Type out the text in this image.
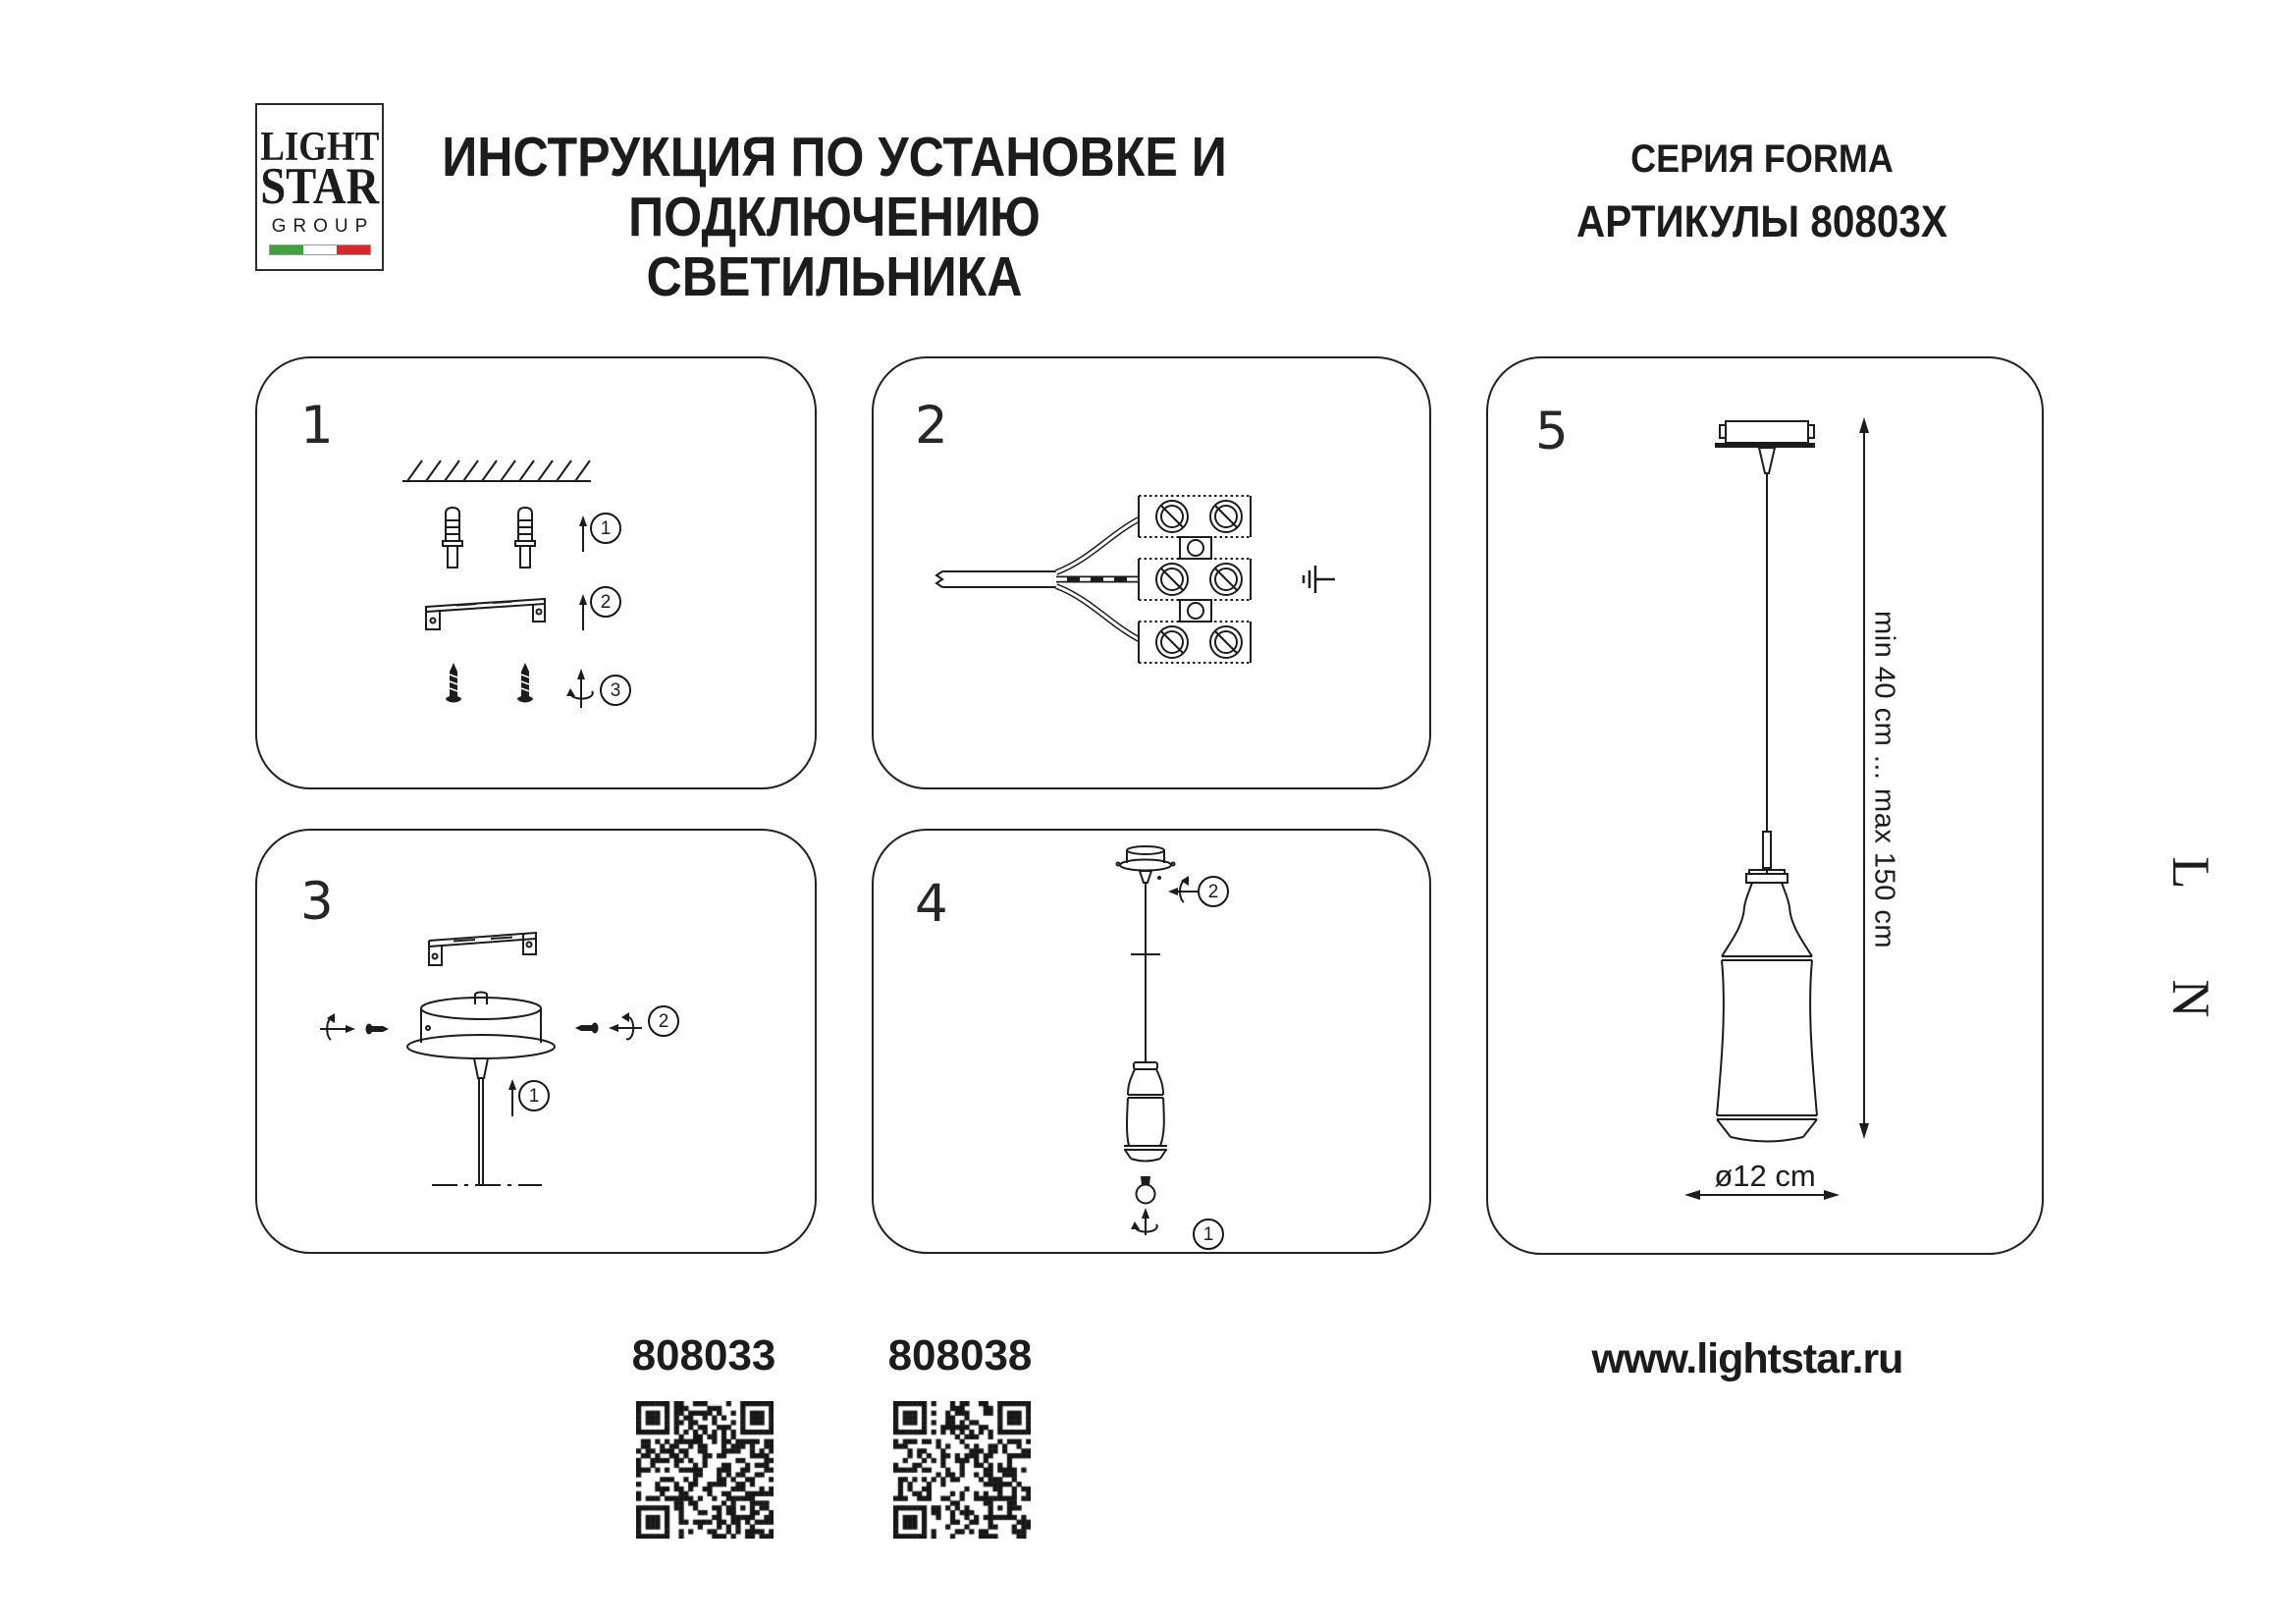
LIGHT
STAR
GROUP
ИНСТРУКЦИЯ ПО УСТАНОВКЕ И
ПОДКЛЮЧЕНИЮ СВЕТИЛЬНИКА
СЕРИЯ FORMA
АРТИКУЛЫ 80803X
1
1
2
3
2
L
N
3
2
1
4	2
1
5
min 40 cm ... max 150 cm
ø12 cm
808033	808038	www.lightstar.ru
